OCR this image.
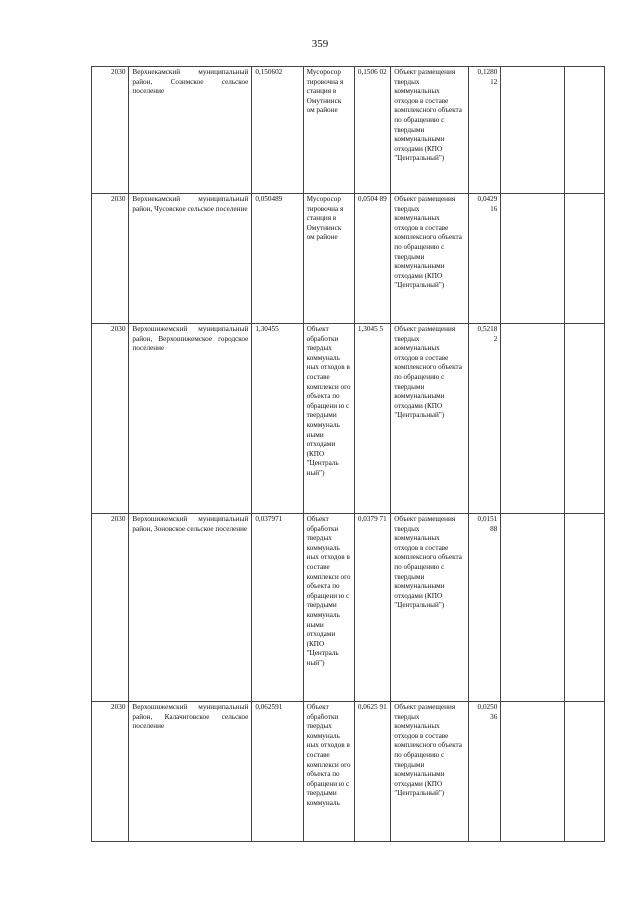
359
2030	Верхнекамский муниципальный район, Созимское сельское поселение	0,150602	Мусоросор тировочна я станция в Омутнинск ом районе	0,1506 02	Объект размещения твердых коммунальных отходов в составе комплексного объекта по обращению с твердыми коммунальными отходами (КПО "Центральный")	0,1280 12		
2030	Верхнекамский муниципальный район, Чусовское сельское поселение	0,050489	Мусоросор тировочна я станция в Омутнинск ом районе	0,0504 89	Объект размещения твердых коммунальных отходов в составе комплексного объекта по обращению с твердыми коммунальными отходами (КПО "Центральный")	0,0429 16		
2030	Верхошижемский муниципальный район, Верхошижемское городское поселение	1,30455	Объект обработки твердых коммуналь ных отходов в составе комплекси ого объекта по обращени ю с твердыми коммуналь ными отходами (КПО "Централь ный")	1,3045 5	Объект размещения твердых коммунальных отходов в составе комплексного объекта по обращению с твердыми коммунальными отходами (КПО "Центральный")	0,5218 2		
2030	Верхошижемский муниципальный район, Зоновское сельское поселение	0,037971	Объект обработки твердых коммуналь ных отходов в составе комплекси ого объекта по обращени ю с твердыми коммуналь ными отходами (КПО "Централь ный")	0,0379 71	Объект размещения твердых коммунальных отходов в составе комплексного объекта по обращению с твердыми коммунальными отходами (КПО "Центральный")	0,0151 88		
2030	Верхошижемский муниципальный район, Калачиговское сельское поселение	0,062591	Объект обработки твердых коммуналь ных отходов в составе комплекси ого объекта по обращени ю с твердыми коммуналь	0,0625 91	Объект размещения твердых коммунальных отходов в составе комплексного объекта по обращению с твердыми коммунальными отходами (КПО "Центральный")	0,0250 36		
